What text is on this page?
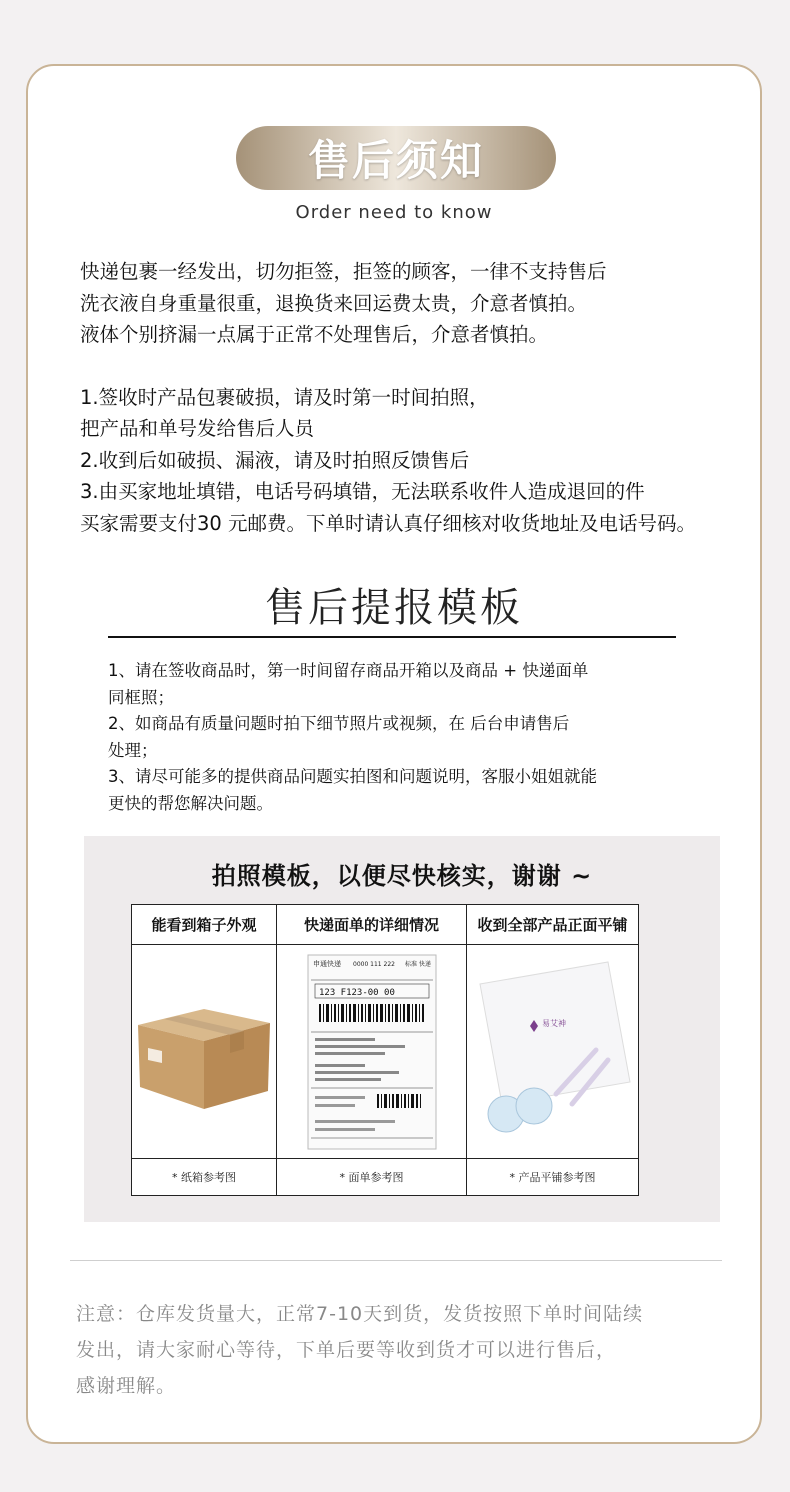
售后须知
Order need to know

快递包裹一经发出，切勿拒签，拒签的顾客，一律不支持售后

洗衣液自身重量很重，退换货来回运费太贵，介意者慎拍。

液体个别挤漏一点属于正常不处理售后，介意者慎拍。

1.签收时产品包裹破损，请及时第一时间拍照，

把产品和单号发给售后人员

2.收到后如破损、漏液，请及时拍照反馈售后

3.由买家地址填错，电话号码填错，无法联系收件人造成退回的件

买家需要支付30 元邮费。下单时请认真仔细核对收货地址及电话号码。

售后提报模板

1、请在签收商品时，第一时间留存商品开箱以及商品 + 快递面单

同框照；

2、如商品有质量问题时拍下细节照片或视频，在 后台申请售后

处理；

3、请尽可能多的提供商品问题实拍图和问题说明，客服小姐姐就能

更快的帮您解决问题。

拍照模板，以便尽快核实，谢谢 ~
能看到箱子外观	快递面单的详细情况	收到全部产品正面平铺
申通快递 0000 111 222 标准 快递
123 F123-00 00
易艾神
* 纸箱参考图	* 面单参考图	* 产品平铺参考图

注意：仓库发货量大，正常7-10天到货，发货按照下单时间陆续

发出，请大家耐心等待，下单后要等收到货才可以进行售后，

感谢理解。
